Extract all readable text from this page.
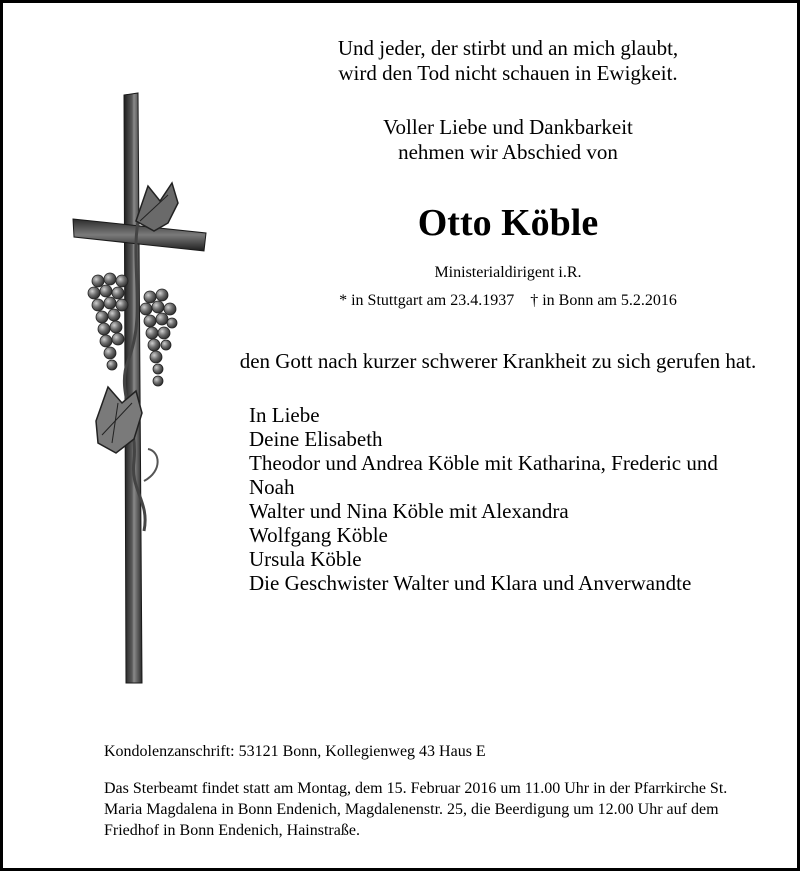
Und jeder, der stirbt und an mich glaubt,
wird den Tod nicht schauen in Ewigkeit.
Voller Liebe und Dankbarkeit
nehmen wir Abschied von
Otto Köble
Ministerialdirigent i.R.
* in Stuttgart am 23.4.1937 † in Bonn am 5.2.2016
den Gott nach kurzer schwerer Krankheit zu sich gerufen hat.
In Liebe
Deine Elisabeth
Theodor und Andrea Köble mit Katharina, Frederic und
Noah
Walter und Nina Köble mit Alexandra
Wolfgang Köble
Ursula Köble
Die Geschwister Walter und Klara und Anverwandte
Kondolenzanschrift: 53121 Bonn, Kollegienweg 43 Haus E
Das Sterbeamt findet statt am Montag, dem 15. Februar 2016 um 11.00 Uhr in der Pfarrkirche St.
Maria Magdalena in Bonn Endenich, Magdalenenstr. 25, die Beerdigung um 12.00 Uhr auf dem
Friedhof in Bonn Endenich, Hainstraße.
